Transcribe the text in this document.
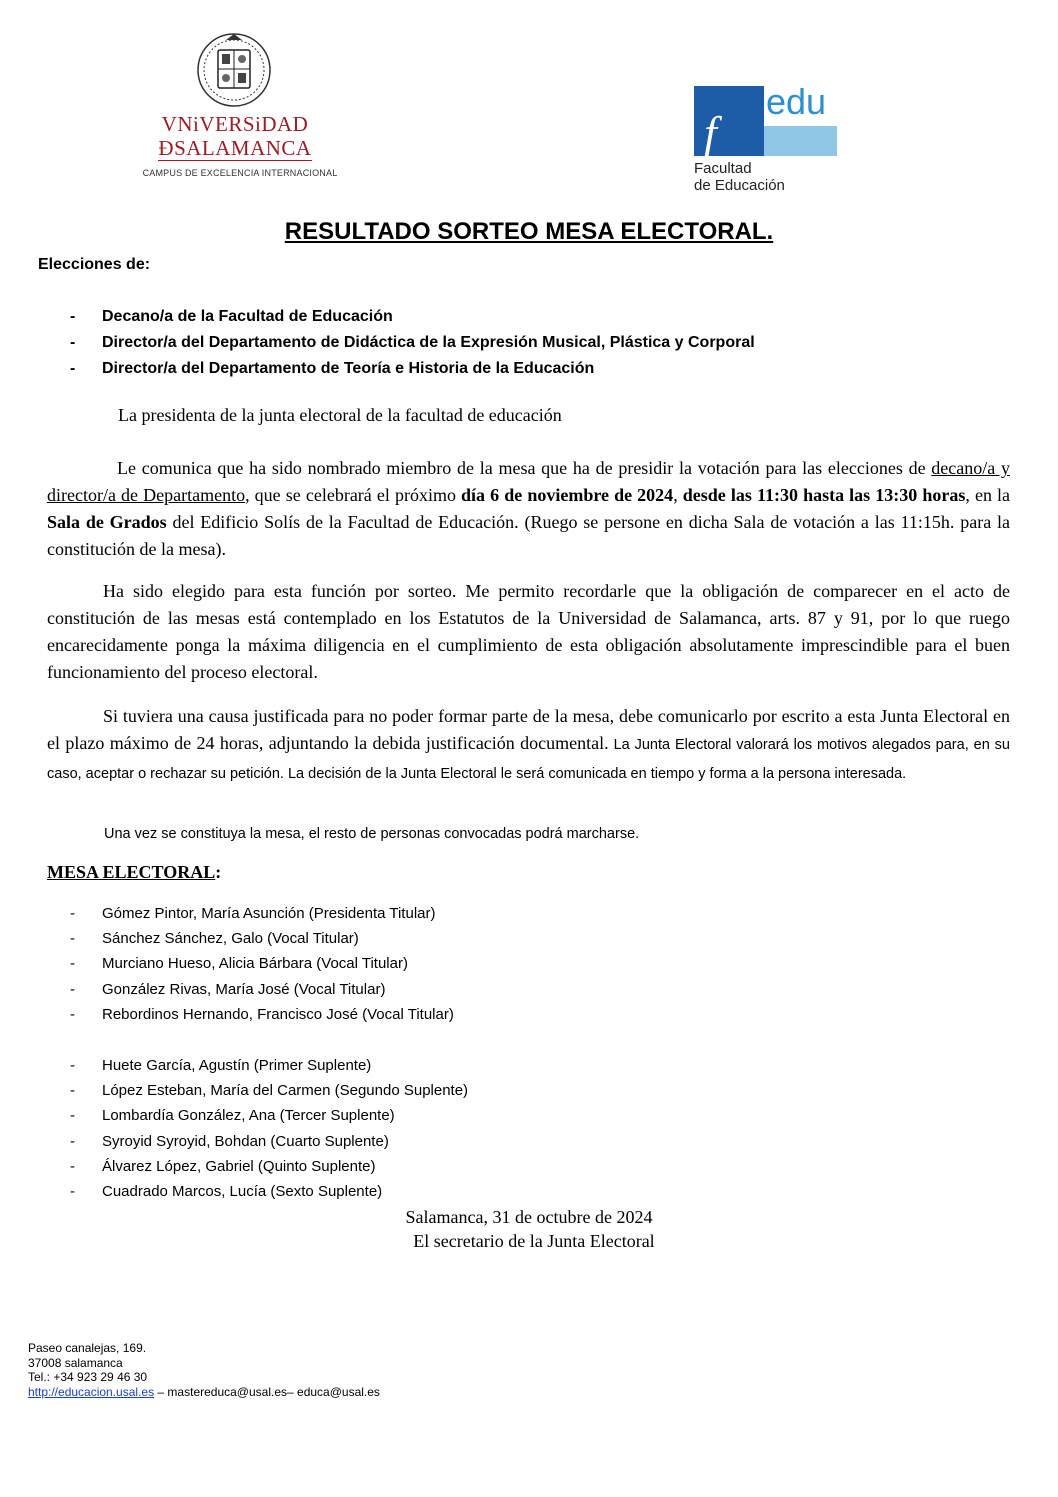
VNiVERSiDAD
ÐSALAMANCA
CAMPUS DE EXCELENCIA INTERNACIONAL
edu
f
Facultad
de Educación
RESULTADO SORTEO MESA ELECTORAL.
Elecciones de:
- Decano/a de la Facultad de Educación
- Director/a del Departamento de Didáctica de la Expresión Musical, Plástica y Corporal
- Director/a del Departamento de Teoría e Historia de la Educación
La presidenta de la junta electoral de la facultad de educación
Le comunica que ha sido nombrado miembro de la mesa que ha de presidir la votación para las elecciones de decano/a y director/a de Departamento, que se celebrará el próximo día 6 de noviembre de 2024, desde las 11:30 hasta las 13:30 horas, en la Sala de Grados del Edificio Solís de la Facultad de Educación. (Ruego se persone en dicha Sala de votación a las 11:15h. para la constitución de la mesa).
Ha sido elegido para esta función por sorteo. Me permito recordarle que la obligación de comparecer en el acto de constitución de las mesas está contemplado en los Estatutos de la Universidad de Salamanca, arts. 87 y 91, por lo que ruego encarecidamente ponga la máxima diligencia en el cumplimiento de esta obligación absolutamente imprescindible para el buen funcionamiento del proceso electoral.
Si tuviera una causa justificada para no poder formar parte de la mesa, debe comunicarlo por escrito a esta Junta Electoral en el plazo máximo de 24 horas, adjuntando la debida justificación documental. La Junta Electoral valorará los motivos alegados para, en su caso, aceptar o rechazar su petición. La decisión de la Junta Electoral le será comunicada en tiempo y forma a la persona interesada.
Una vez se constituya la mesa, el resto de personas convocadas podrá marcharse.
MESA ELECTORAL:
- Gómez Pintor, María Asunción (Presidenta Titular)
- Sánchez Sánchez, Galo (Vocal Titular)
- Murciano Hueso, Alicia Bárbara (Vocal Titular)
- González Rivas, María José (Vocal Titular)
- Rebordinos Hernando, Francisco José (Vocal Titular)
- Huete García, Agustín (Primer Suplente)
- López Esteban, María del Carmen (Segundo Suplente)
- Lombardía González, Ana (Tercer Suplente)
- Syroyid Syroyid, Bohdan (Cuarto Suplente)
- Álvarez López, Gabriel (Quinto Suplente)
- Cuadrado Marcos, Lucía (Sexto Suplente)
Salamanca, 31 de octubre de 2024
El secretario de la Junta Electoral
Paseo canalejas, 169.
37008 salamanca
Tel.: +34 923 29 46 30
http://educacion.usal.es – mastereduca@usal.es– educa@usal.es
